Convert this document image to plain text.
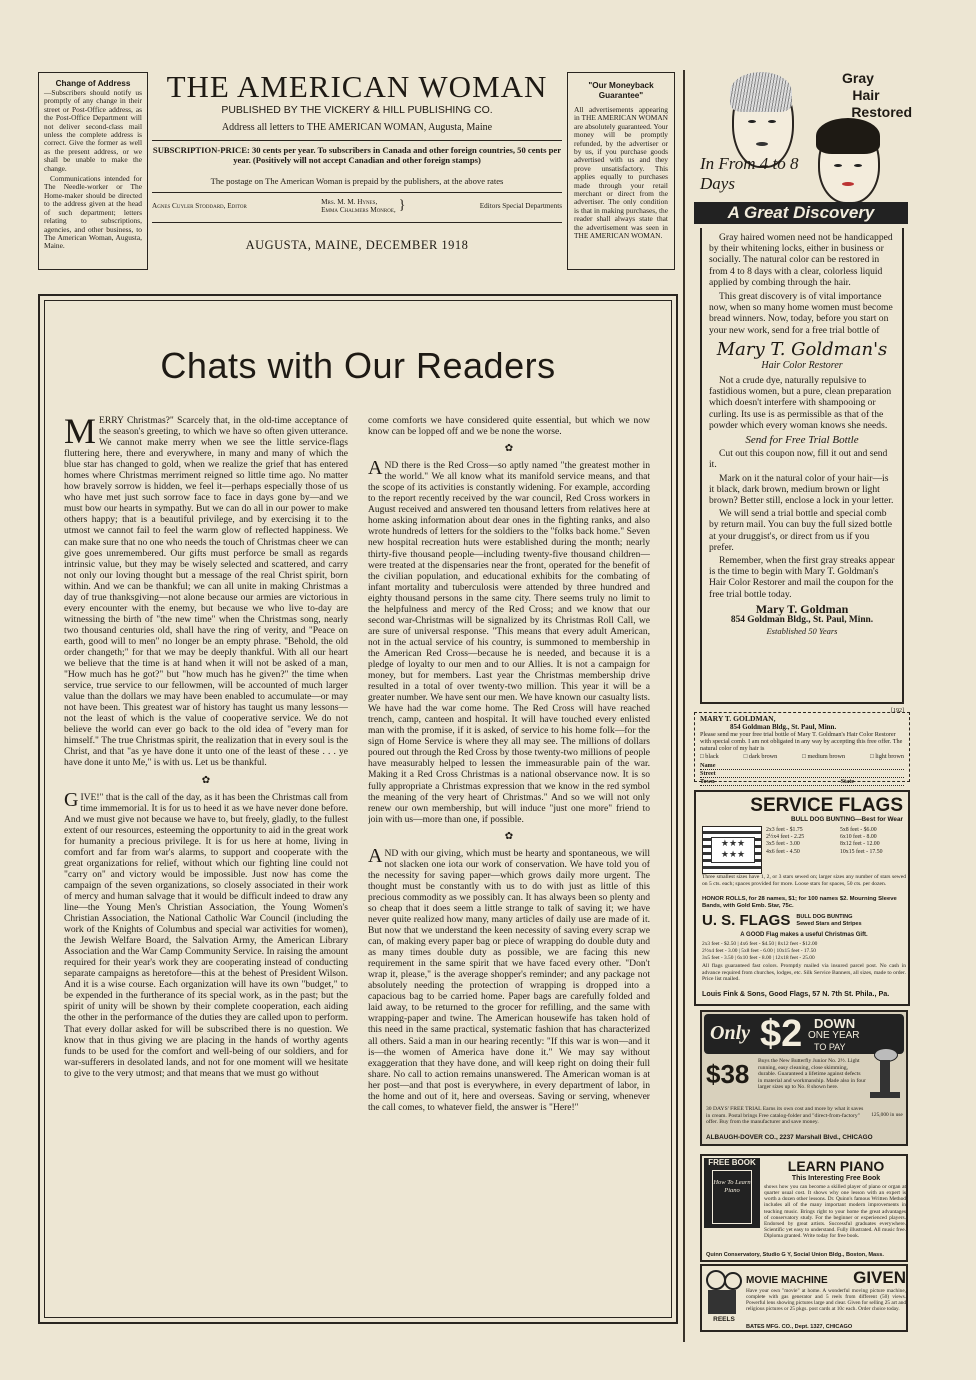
Change of Address
—Subscribers should notify us promptly of any change in their street or Post-Office address, as the Post-Office Department will not deliver second-class mail unless the complete address is correct. Give the former as well as the present address, or we shall be unable to make the change.
Communications intended for The Needle-worker or The Home-maker should be directed to the address given at the head of such department; letters relating to subscriptions, agencies, and other business, to The American Woman, Augusta, Maine.
THE AMERICAN WOMAN
PUBLISHED BY THE VICKERY & HILL PUBLISHING CO.
Address all letters to THE AMERICAN WOMAN, Augusta, Maine
SUBSCRIPTION-PRICE: 30 cents per year. To subscribers in Canada and other foreign countries, 50 cents per year. (Positively will not accept Canadian and other foreign stamps)
The postage on The American Woman is prepaid by the publishers, at the above rates
Agnes Cuyler Stoddard, Editor	Mrs. M. M. Hynes,
Emma Chalmers Monroe, }	Editors Special Departments
AUGUSTA, MAINE, DECEMBER 1918
"Our Moneyback Guarantee"
All advertisements appearing in THE AMERICAN WOMAN are absolutely guaranteed. Your money will be promptly refunded, by the advertiser or by us, if you purchase goods advertised with us and they prove unsatisfactory. This applies equally to purchases made through your retail merchant or direct from the advertiser. The only condition is that in making purchases, the reader shall always state that the advertisement was seen in THE AMERICAN WOMAN.
Chats with Our Readers

MERRY Christmas?" Scarcely that, in the old-time acceptance of the season's greeting, to which we have so often given utterance. We cannot make merry when we see the little service-flags fluttering here, there and everywhere, in many and many of which the blue star has changed to gold, when we realize the grief that has entered homes where Christmas merriment reigned so little time ago. No matter how bravely sorrow is hidden, we feel it—perhaps especially those of us who have met just such sorrow face to face in days gone by—and we must bow our hearts in sympathy. But we can do all in our power to make others happy; that is a beautiful privilege, and by exercising it to the utmost we cannot fail to feel the warm glow of reflected happiness. We can make sure that no one who needs the touch of Christmas cheer we can give goes unremembered. Our gifts must perforce be small as regards intrinsic value, but they may be wisely selected and scattered, and carry not only our loving thought but a message of the real Christ spirit, born within. And we can be thankful; we can all unite in making Christmas a day of true thanksgiving—not alone because our armies are victorious in every encounter with the enemy, but because we who live to-day are witnessing the birth of "the new time" when the Christmas song, nearly two thousand centuries old, shall have the ring of verity, and "Peace on earth, good will to men" no longer be an empty phrase. "Behold, the old order changeth;" for that we may be deeply thankful. With all our heart we believe that the time is at hand when it will not be asked of a man, "How much has he got?" but "how much has he given?" the time when service, true service to our fellowmen, will be accounted of much larger value than the dollars we may have been enabled to accumulate—or may not have been. This greatest war of history has taught us many lessons—not the least of which is the value of cooperative service. We do not believe the world can ever go back to the old idea of "every man for himself." The true Christmas spirit, the realization that in every soul is the Christ, and that "as ye have done it unto one of the least of these . . . ye have done it unto Me," is with us. Let us be thankful.

✿

GIVE!" that is the call of the day, as it has been the Christmas call from time immemorial. It is for us to heed it as we have never done before. And we must give not because we have to, but freely, gladly, to the fullest extent of our resources, esteeming the opportunity to aid in the great work for humanity a precious privilege. It is for us here at home, living in comfort and far from war's alarms, to support and cooperate with the great organizations for relief, without which our fighting line could not "carry on" and victory would be impossible. Just now has come the campaign of the seven organizations, so closely associated in their work of mercy and human salvage that it would be difficult indeed to draw any line—the Young Men's Christian Association, the Young Women's Christian Association, the National Catholic War Council (including the work of the Knights of Columbus and special war activities for women), the Jewish Welfare Board, the Salvation Army, the American Library Association and the War Camp Community Service. In raising the amount required for their year's work they are cooperating instead of conducting separate campaigns as heretofore—this at the behest of President Wilson. And it is a wise course. Each organization will have its own "budget," to be expended in the furtherance of its special work, as in the past; but the spirit of unity will be shown by their complete cooperation, each aiding the other in the performance of the duties they are called upon to perform. That every dollar asked for will be subscribed there is no question. We know that in thus giving we are placing in the hands of worthy agents funds to be used for the comfort and well-being of our soldiers, and for war-sufferers in desolated lands, and not for one moment will we hesitate to give to the very utmost; and that means that we must go without

come comforts we have considered quite essential, but which we now know can be lopped off and we be none the worse.

✿

AND there is the Red Cross—so aptly named "the greatest mother in the world." We all know what its manifold service means, and that the scope of its activities is constantly widening. For example, according to the report recently received by the war council, Red Cross workers in August received and answered ten thousand letters from relatives here at home asking information about dear ones in the fighting ranks, and also wrote hundreds of letters for the soldiers to the "folks back home." Seven new hospital recreation huts were established during the month; nearly thirty-five thousand people—including twenty-five thousand children—were treated at the dispensaries near the front, operated for the benefit of the civilian population, and educational exhibits for the combating of infant mortality and tuberculosis were attended by three hundred and eighty thousand persons in the same city. There seems truly no limit to the helpfulness and mercy of the Red Cross; and we know that our second war-Christmas will be signalized by its Christmas Roll Call, we are sure of universal response. "This means that every adult American, not in the actual service of his country, is summoned to membership in the American Red Cross—because he is needed, and because it is a pledge of loyalty to our men and to our Allies. It is not a campaign for money, but for members. Last year the Christmas membership drive resulted in a total of over twenty-two million. This year it will be a greater number. We have sent our men. We have known our casualty lists. We have had the war come home. The Red Cross will have reached trench, camp, canteen and hospital. It will have touched every enlisted man with the promise, if it is asked, of service to his home folk—for the sign of Home Service is where they all may see. The millions of dollars poured out through the Red Cross by those twenty-two millions of people have measurably helped to lessen the immeasurable pain of the war. Making it a Red Cross Christmas is a national observance now. It is so fully appropriate a Christmas expression that we know in the red symbol the meaning of the very heart of Christmas." And so we will not only renew our own membership, but will induce "just one more" friend to join with us—more than one, if possible.

✿

AND with our giving, which must be hearty and spontaneous, we will not slacken one iota our work of conservation. We have told you of the necessity for saving paper—which grows daily more urgent. The thought must be constantly with us to do with just as little of this precious commodity as we possibly can. It has always been so plenty and so cheap that it does seem a little strange to talk of saving it; we have never quite realized how many, many articles of daily use are made of it. But now that we understand the keen necessity of saving every scrap we can, of making every paper bag or piece of wrapping do double duty and as many times double duty as possible, we are facing this new requirement in the same spirit that we have faced every other. "Don't wrap it, please," is the average shopper's reminder; and any package not absolutely needing the protection of wrapping is dropped into a capacious bag to be carried home. Paper bags are carefully folded and laid away, to be returned to the grocer for refilling, and the same with wrapping-paper and twine. The American housewife has taken hold of this need in the same practical, systematic fashion that has characterized all others. Said a man in our hearing recently: "If this war is won—and it is—the women of America have done it." We may say without exaggeration that they have done, and will keep right on doing their full share. No call to action remains unanswered. The American woman is at her post—and that post is everywhere, in every department of labor, in the home and out of it, here and overseas. Saving or serving, whenever the call comes, to whatever field, the answer is "Here!"

Gray
Hair
Restored
In From 4 to 8 Days
A Great Discovery

Gray haired women need not be handicapped by their whitening locks, either in business or socially. The natural color can be restored in from 4 to 8 days with a clear, colorless liquid applied by combing through the hair.

This great discovery is of vital importance now, when so many home women must become bread winners. Now, today, before you start on your new work, send for a free trial bottle of

Mary T. Goldman's
Hair Color Restorer

Not a crude dye, naturally repulsive to fastidious women, but a pure, clean preparation which doesn't interfere with shampooing or curling. Its use is as permissible as that of the powder which every woman knows she needs.

Send for Free Trial Bottle

Cut out this coupon now, fill it out and send it.

Mark on it the natural color of your hair—is it black, dark brown, medium brown or light brown? Better still, enclose a lock in your letter.

We will send a trial bottle and special comb by return mail. You can buy the full sized bottle at your druggist's, or direct from us if you prefer.

Remember, when the first gray streaks appear is the time to begin with Mary T. Goldman's Hair Color Restorer and mail the coupon for the free trial bottle today.

Mary T. Goldman
854 Goldman Bldg., St. Paul, Minn.
Established 50 Years
[192]
MARY T. GOLDMAN,
854 Goldman Bldg., St. Paul, Minn.
Please send me your free trial bottle of Mary T. Goldman's Hair Color Restorer with special comb. I am not obligated in any way by accepting this free offer. The natural color of my hair is
□ black	□ dark brown	□ medium brown	□ light brown
Name
Street
Town	State
SERVICE FLAGS
BULL DOG BUNTING—Best for Wear
★★★
★★★
2x3 feet - $1.75
2½x4 feet - 2.25
3x5 feet - 3.00
4x6 feet - 4.50
5x8 feet - $6.00
6x10 feet - 8.00
8x12 feet - 12.00
10x15 feet - 17.50
Three smallest sizes have 1, 2, or 3 stars sewed on; larger sizes any number of stars sewed on 5 cts. each; spaces provided for more. Loose stars for spaces, 50 cts. per dozen.
HONOR ROLLS, for 28 names, $1; for 100 names $2. Mourning Sleeve Bands, with Gold Emb. Star, 75c.
U. S. FLAGS BULL DOG BUNTING Sewed Stars and Stripes
A GOOD Flag makes a useful Christmas Gift.
2x3 feet - $2.50 | 4x6 feet - $4.50 | 8x12 feet - $12.00
2½x4 feet - 3.00 | 5x8 feet - 6.00 | 10x15 feet - 17.50
3x5 feet - 3.50 | 6x10 feet - 8.00 | 12x18 feet - 25.00
All flags guaranteed fast colors. Promptly mailed via insured parcel post. No cash in advance required from churches, lodges, etc. Silk Service Banners, all sizes, made to order. Price list mailed.
Louis Fink & Sons, Good Flags, 57 N. 7th St. Phila., Pa.
Only $2 DOWN
ONE YEAR
TO PAY
$38 Buys the New Butterfly Junior No. 2½. Light running, easy cleaning, close skimming, durable. Guaranteed a lifetime against defects in material and workmanship. Made also in four larger sizes up to No. 8 shown here.
30 DAYS' FREE TRIAL Earns its own cost and more by what it saves in cream. Postal brings Free catalog-folder and "direct-from-factory" offer. Buy from the manufacturer and save money.
125,000 in use
ALBAUGH-DOVER CO., 2237 Marshall Blvd., CHICAGO
FREE BOOK
How To Learn Piano
LEARN PIANO
This Interesting Free Book
shows how you can become a skilled player of piano or organ at quarter usual cost. It shows why one lesson with an expert is worth a dozen other lessons. Dr. Quinn's famous Written Method includes all of the many important modern improvements in teaching music. Brings right to your home the great advantages of conservatory study. For the beginner or experienced players. Endorsed by great artists. Successful graduates everywhere. Scientific yet easy to understand. Fully illustrated. All music free. Diploma granted. Write today for free book.
Quinn Conservatory, Studio G Y, Social Union Bldg., Boston, Mass.
REELS
MOVIE MACHINE GIVEN
Have your own "movie" at home. A wonderful moving picture machine, complete with gas generator and 5 reels from different (50) views. Powerful lens showing pictures large and clear. Given for selling 25 art and religious pictures or 25 pkgs. post cards at 10c each. Order choice today.
BATES MFG. CO., Dept. 1327, CHICAGO
